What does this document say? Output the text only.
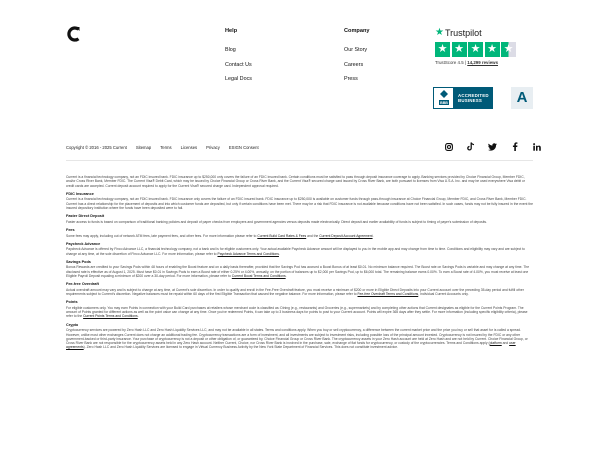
Help
Blog
Contact Us
Legal Docs
Company
Our Story
Careers
Press
★ Trustpilot
★ ★ ★ ★ ★
TrustScore 4.5 | 14,299 reviews
BBB
ACCREDITED
BUSINESS	A
Copyright © 2016 - 2025 Current Sitemap Terms Licenses Privacy ESIGN Consent

Current is a financial technology company, not an FDIC insured bank. FDIC insurance up to $250,000 only covers the failure of an FDIC insured bank. Certain conditions must be satisfied to pass through deposit insurance coverage to apply. Banking services provided by Choice Financial Group, Member FDIC, and/or Cross River Bank, Member FDIC. The Current Visa® Debit Card, which may be issued by Choice Financial Group or Cross River Bank, and the Current Visa® secured charge card issued by Cross River Bank, are both pursuant to licenses from Visa U.S.A. Inc. and may be used everywhere Visa debit or credit cards are accepted. Current deposit account required to apply for the Current Visa® secured charge card. Independent approval required.

FDIC Insurance

Current is a financial technology company, not an FDIC insured bank. FDIC insurance only covers the failure of an FDIC insured bank. FDIC insurance up to $250,000 is available on customer funds through pass-through insurance at Choice Financial Group, Member FDIC, and Cross River Bank, Member FDIC. Current has a direct relationship for the placement of deposits and into which customer funds are deposited, but only if certain conditions have been met. There may be a risk that FDIC insurance is not available because conditions have not been satisfied. In such cases, funds may not be fully insured in the event the insured depository institution where the funds have been deposited were to fail.

Faster Direct Deposit

Faster access to funds is based on comparison of traditional banking policies and deposit of paper checks from employers and government agencies versus deposits made electronically. Direct deposit and earlier availability of funds is subject to timing of payer's submission of deposits.

Fees

Some fees may apply, including out of network ATM fees, late payment fees, and other fees. For more information please refer to Current Build Card Rates & Fees and the Current Deposit Account Agreement.

Paycheck Advance

Paycheck Advance is offered by Finco Advance LLC, a financial technology company, not a bank and is for eligible customers only. Your actual available Paycheck Advance amount will be displayed to you in the mobile app and may change from time to time. Conditions and eligibility may vary and are subject to change at any time, at the sole discretion of Finco Advance LLC. For more information, please refer to Paycheck Advance Terms and Conditions.

Savings Pods

Bonus Rewards are credited to your Savings Pods within 48 hours of enabling the Boost feature and on a daily basis thereafter, provided that the Savings Pod has accrued a Boost Bonus of at least $0.01. No minimum balance required. The Boost rate on Savings Pods is variable and may change at any time. The disclosed rate is effective as of August 1, 2025. Must have $0.01 in Savings Pods to earn a Boost rate of either 0.25% or 4.00%, annually, on the portion of balances up to $2,000 per Savings Pod, up to $6,000 total. The remaining balance earns 0.00%. To earn a Boost rate of 4.00%, you must receive at least one Eligible Payroll Deposit equaling a minimum of $200 over a 30-day period. For more information, please refer to Current Boost Terms and Conditions.

Fee-free Overdraft

Actual overdraft amount may vary and is subject to change at any time, at Current's sole discretion. In order to qualify and enroll in the Fee-Free Overdraft feature, you must receive a minimum of $200 or more in Eligible Direct Deposits into your Current account over the preceding 35-day period and fulfill other requirements subject to Current's discretion. Negative balances must be repaid within 60 days of the first Eligible Transaction that caused the negative balance. For more information, please refer to Fee-free Overdraft Terms and Conditions, Individual Current Accounts only.

Points

For eligible customers only. You may earn Points in connection with your Build Card purchases at retailers whose merchant code is classified as: Dining (e.g., restaurants) and Groceries (e.g., supermarkets) and by completing other actions that Current designates as eligible for the Current Points Program. The amount of Points granted for different actions as well as the point value can change at any time. Once you've redeemed Points, it can take up to 3 business days for points to post to your Current account. Points will expire 365 days after they settle. For more information (including specific eligibility criteria), please refer to the Current Points Terms and Conditions.

Crypto

Cryptocurrency services are powered by Zero Hash LLC and Zero Hash Liquidity Services LLC, and may not be available in all states. Terms and conditions apply. When you buy or sell cryptocurrency, a difference between the current market price and the price you buy or sell that asset for is called a spread. However, unlike most other exchanges Current does not charge an additional trading fee. Cryptocurrency transactions are a form of investment, and all investments are subject to investment risks, including possible loss of the principal amount invested. Cryptocurrency is not insured by the FDIC or any other government-backed or third-party insurance. Your purchase of cryptocurrency is not a deposit or other obligation of, or guaranteed by, Choice Financial Group or Cross River Bank. The cryptocurrency assets in your Zero Hash account are held at Zero Hash and are not held by Current. Choice Financial Group, or Cross River Bank are not responsible for the cryptocurrency assets held in any Zero Hash account. Neither Current, Choice, nor Cross River Bank is involved in the purchase, sale, exchange of fiat funds for cryptocurrency, or custody of the cryptocurrencies. Terms and Conditions apply (platform and user agreements). Zero Hash LLC and Zero Hash Liquidity Services are licensed to engage in Virtual Currency Business Activity by the New York State Department of Financial Services. This does not constitute investment advice.
